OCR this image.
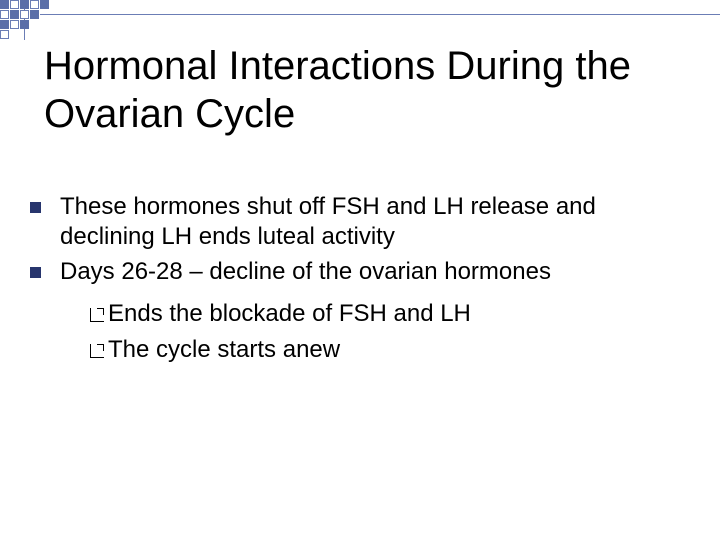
Hormonal Interactions During the Ovarian Cycle
These hormones shut off FSH and LH release and declining LH ends luteal activity
Days 26-28 – decline of the ovarian hormones
Ends the blockade of FSH and LH
The cycle starts anew
